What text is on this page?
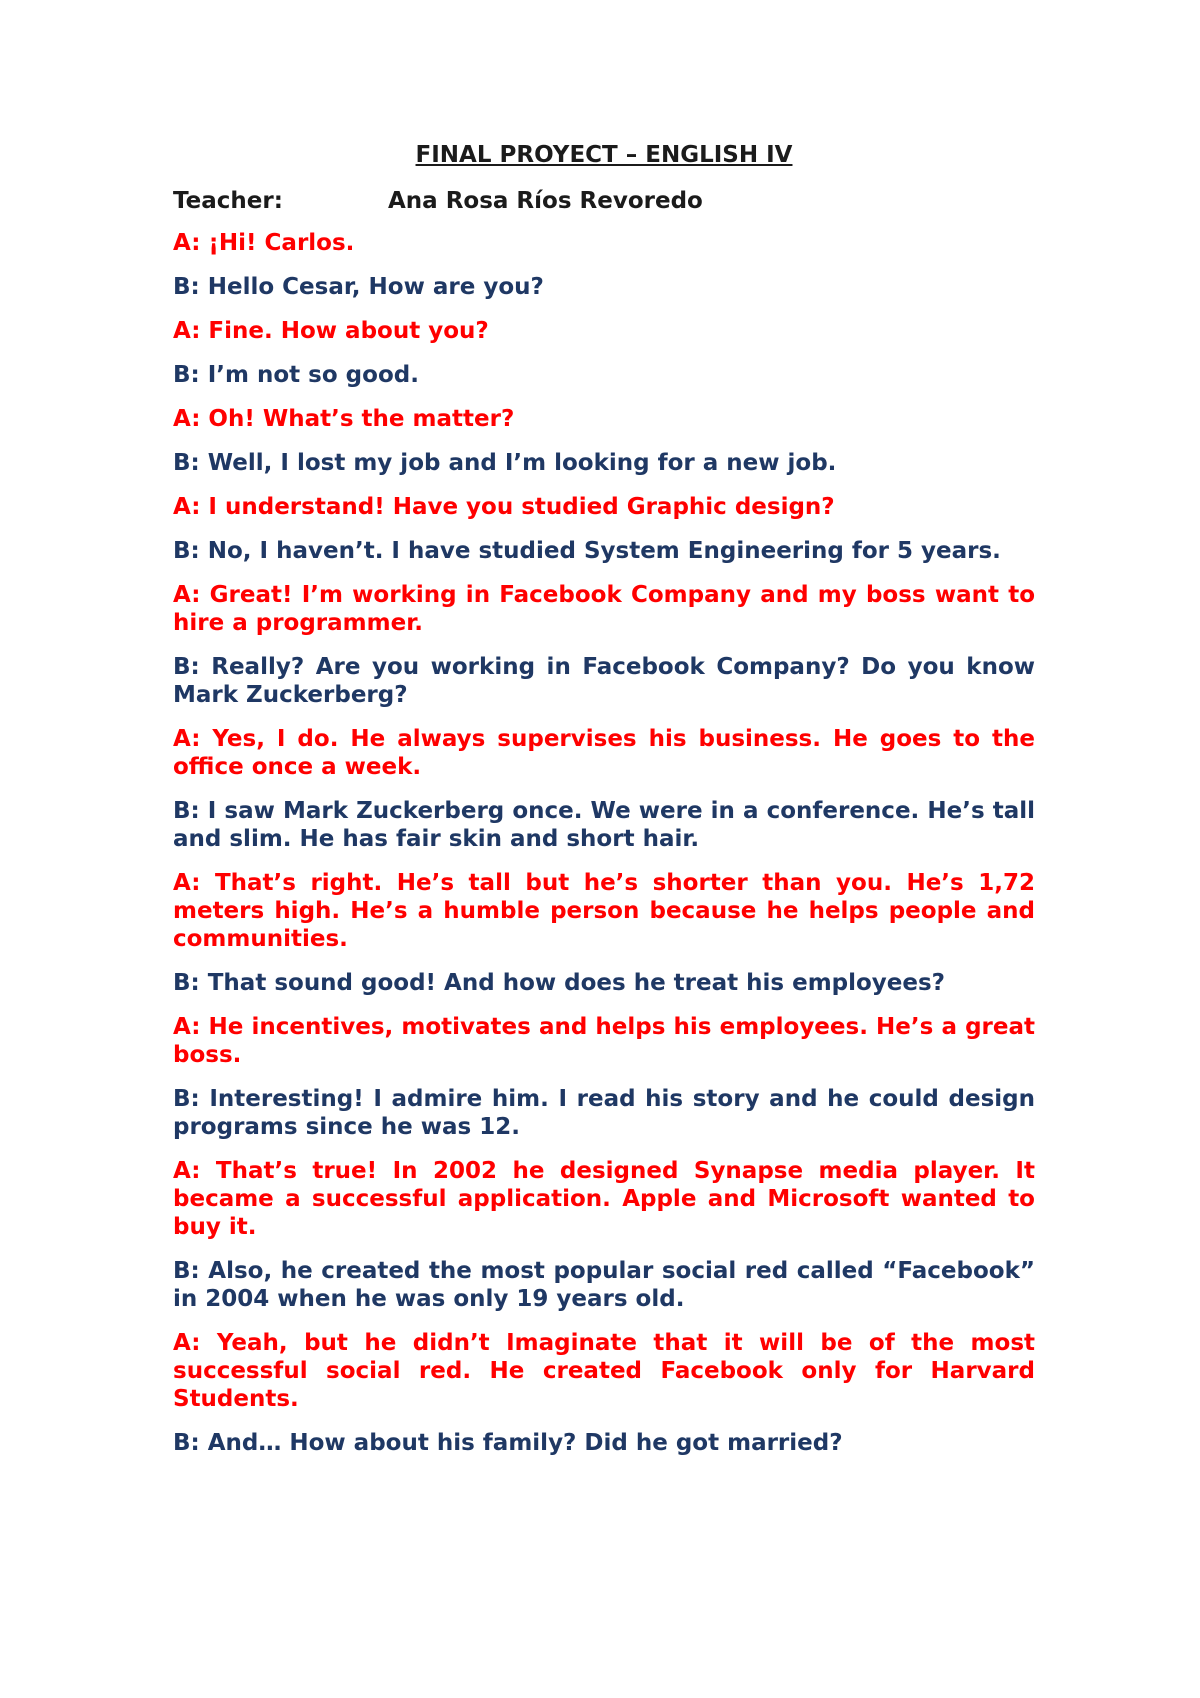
FINAL PROYECT – ENGLISH IV
Teacher:	Ana Rosa Ríos Revoredo

A: ¡Hi! Carlos.

B: Hello Cesar, How are you?

A: Fine. How about you?

B: I’m not so good.

A: Oh! What’s the matter?

B: Well, I lost my job and I’m looking for a new job.

A: I understand! Have you studied Graphic design?

B: No, I haven’t. I have studied System Engineering for 5 years.

A: Great! I’m working in Facebook Company and my boss want to hire a programmer.

B: Really? Are you working in Facebook Company? Do you know Mark Zuckerberg?

A: Yes, I do. He always supervises his business. He goes to the office once a week.

B: I saw Mark Zuckerberg once. We were in a conference. He’s tall and slim. He has fair skin and short hair.

A: That’s right. He’s tall but he’s shorter than you. He’s 1,72 meters high. He’s a humble person because he helps people and communities.

B: That sound good! And how does he treat his employees?

A: He incentives, motivates and helps his employees. He’s a great boss.

B: Interesting! I admire him. I read his story and he could design programs since he was 12.

A: That’s true! In 2002 he designed Synapse media player. It became a successful application. Apple and Microsoft wanted to buy it.

B: Also, he created the most popular social red called “Facebook” in 2004 when he was only 19 years old.

A: Yeah, but he didn’t Imaginate that it will be of the most successful social red. He created Facebook only for Harvard Students.

B: And… How about his family? Did he got married?
